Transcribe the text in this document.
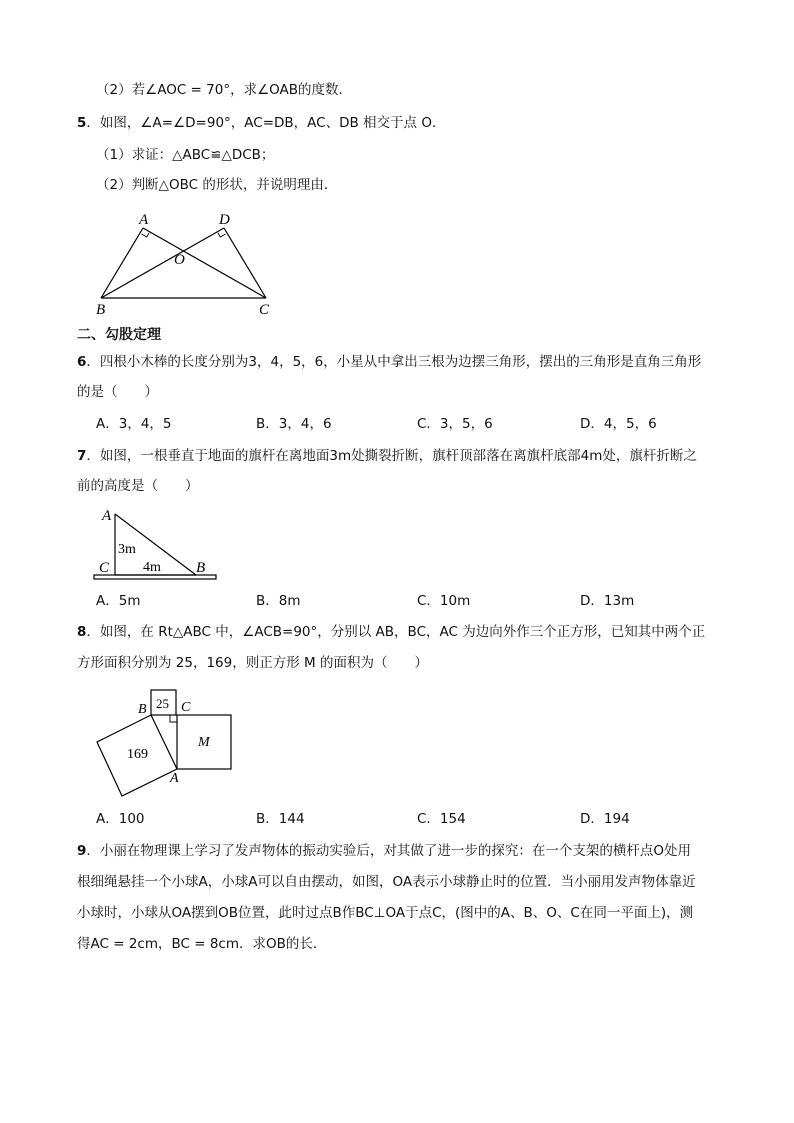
（2）若∠AOC = 70°，求∠OAB的度数．
5．如图，∠A=∠D=90°，AC=DB，AC、DB 相交于点 O．
（1）求证：△ABC≌△DCB；
（2）判断△OBC 的形状，并说明理由．
A	D
O
B	C
二、勾股定理
6．四根小木棒的长度分别为3，4，5，6，小星从中拿出三根为边摆三角形，摆出的三角形是直角三角形
的是（　　）
A．3，4，5	B．3，4，6	C．3，5，6	D．4，5，6
7．如图，一根垂直于地面的旗杆在离地面3m处撕裂折断，旗杆顶部落在离旗杆底部4m处，旗杆折断之
前的高度是（　　）
A
C	B
3m
4m
A．5m	B．8m	C．10m	D．13m
8．如图，在 Rt△ABC 中，∠ACB=90°，分别以 AB，BC，AC 为边向外作三个正方形，已知其中两个正
方形面积分别为 25，169，则正方形 M 的面积为（　　）
B C
A
25
169
M
A．100	B．144	C．154	D．194
9．小丽在物理课上学习了发声物体的振动实验后，对其做了进一步的探究：在一个支架的横杆点O处用
根细绳悬挂一个小球A，小球A可以自由摆动，如图，OA表示小球静止时的位置．当小丽用发声物体靠近
小球时，小球从OA摆到OB位置，此时过点B作BC⊥OA于点C，(图中的A、B、O、C在同一平面上)，测
得AC = 2cm，BC = 8cm．求OB的长．
